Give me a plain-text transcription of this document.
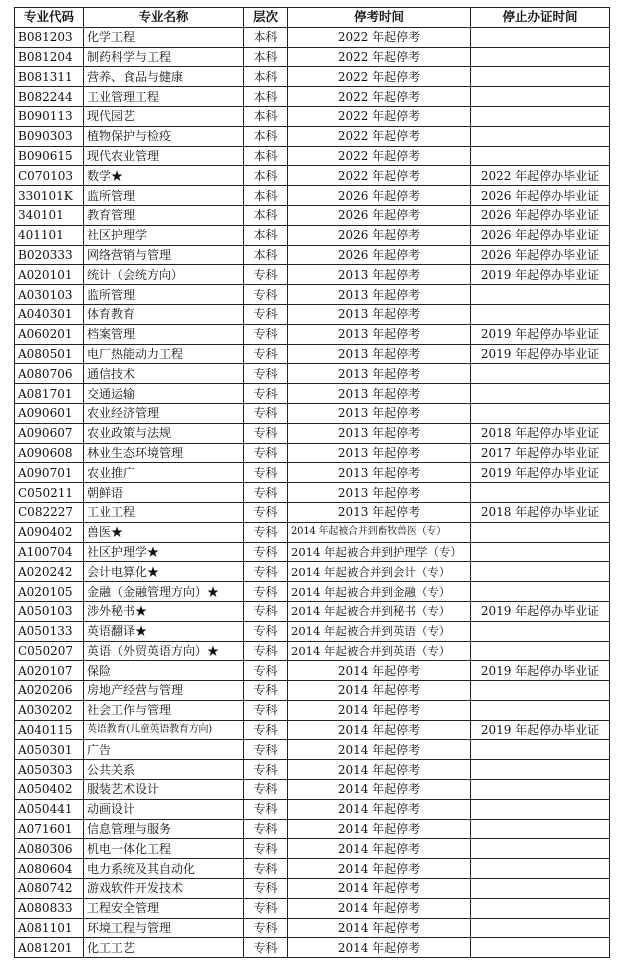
专业代码	专业名称	层次	停考时间	停止办证时间
B081203	化学工程	本科	2022 年起停考	
B081204	制药科学与工程	本科	2022 年起停考	
B081311	营养、食品与健康	本科	2022 年起停考	
B082244	工业管理工程	本科	2022 年起停考	
B090113	现代园艺	本科	2022 年起停考	
B090303	植物保护与检疫	本科	2022 年起停考	
B090615	现代农业管理	本科	2022 年起停考	
C070103	数学★	本科	2022 年起停考	2022 年起停办毕业证
330101K	监所管理	本科	2026 年起停考	2026 年起停办毕业证
340101	教育管理	本科	2026 年起停考	2026 年起停办毕业证
401101	社区护理学	本科	2026 年起停考	2026 年起停办毕业证
B020333	网络营销与管理	本科	2026 年起停考	2026 年起停办毕业证
A020101	统计（会统方向）	专科	2013 年起停考	2019 年起停办毕业证
A030103	监所管理	专科	2013 年起停考	
A040301	体育教育	专科	2013 年起停考	
A060201	档案管理	专科	2013 年起停考	2019 年起停办毕业证
A080501	电厂热能动力工程	专科	2013 年起停考	2019 年起停办毕业证
A080706	通信技术	专科	2013 年起停考	
A081701	交通运输	专科	2013 年起停考	
A090601	农业经济管理	专科	2013 年起停考	
A090607	农业政策与法规	专科	2013 年起停考	2018 年起停办毕业证
A090608	林业生态环境管理	专科	2013 年起停考	2017 年起停办毕业证
A090701	农业推广	专科	2013 年起停考	2019 年起停办毕业证
C050211	朝鲜语	专科	2013 年起停考	
C082227	工业工程	专科	2013 年起停考	2018 年起停办毕业证
A090402	兽医★	专科	2014 年起被合并到畜牧兽医（专）	
A100704	社区护理学★	专科	2014 年起被合并到护理学（专）	
A020242	会计电算化★	专科	2014 年起被合并到会计（专）	
A020105	金融（金融管理方向）★	专科	2014 年起被合并到金融（专）	
A050103	涉外秘书★	专科	2014 年起被合并到秘书（专）	2019 年起停办毕业证
A050133	英语翻译★	专科	2014 年起被合并到英语（专）	
C050207	英语（外贸英语方向）★	专科	2014 年起被合并到英语（专）	
A020107	保险	专科	2014 年起停考	2019 年起停办毕业证
A020206	房地产经营与管理	专科	2014 年起停考	
A030202	社会工作与管理	专科	2014 年起停考	
A040115	英语教育(儿童英语教育方向)	专科	2014 年起停考	2019 年起停办毕业证
A050301	广告	专科	2014 年起停考	
A050303	公共关系	专科	2014 年起停考	
A050402	服装艺术设计	专科	2014 年起停考	
A050441	动画设计	专科	2014 年起停考	
A071601	信息管理与服务	专科	2014 年起停考	
A080306	机电一体化工程	专科	2014 年起停考	
A080604	电力系统及其自动化	专科	2014 年起停考	
A080742	游戏软件开发技术	专科	2014 年起停考	
A080833	工程安全管理	专科	2014 年起停考	
A081101	环境工程与管理	专科	2014 年起停考	
A081201	化工工艺	专科	2014 年起停考	
